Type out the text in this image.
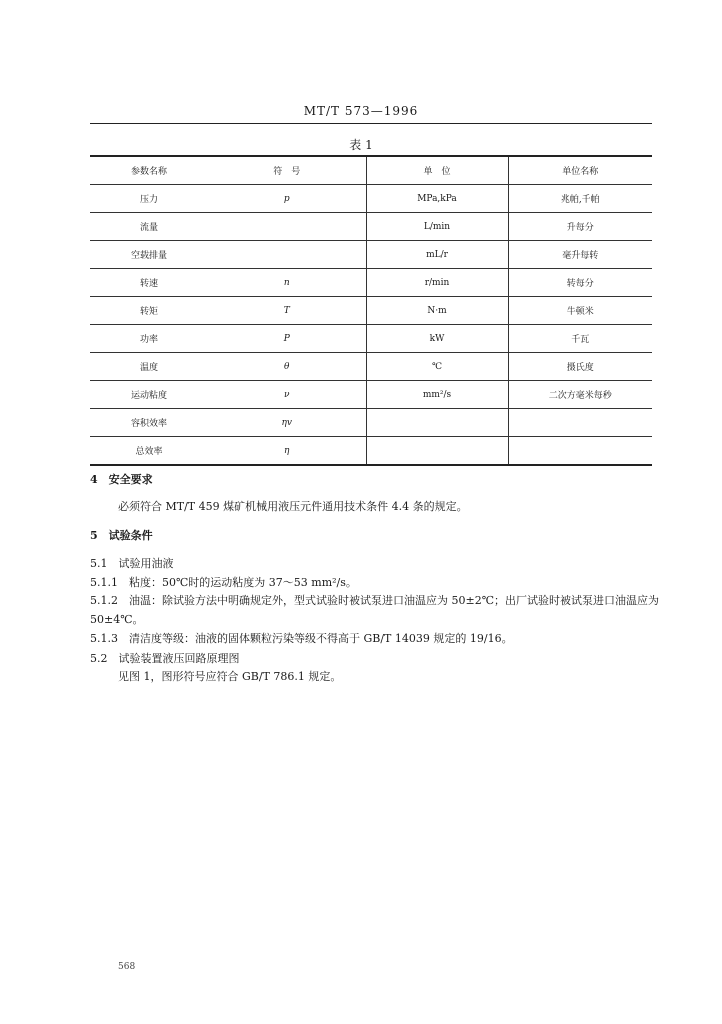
MT/T 573—1996
表 1
参数名称	符　号	单　位	单位名称
压力	p	MPa,kPa	兆帕,千帕
流量		L/min	升每分
空载排量		mL/r	毫升每转
转速	n	r/min	转每分
转矩	T	N·m	牛顿米
功率	P	kW	千瓦
温度	θ	℃	摄氏度
运动粘度	ν	mm²/s	二次方毫米每秒
容积效率	ηv		
总效率	η		
4　安全要求
必须符合 MT/T 459 煤矿机械用液压元件通用技术条件 4.4 条的规定。
5　试验条件
5.1　试验用油液
5.1.1　粘度：50℃时的运动粘度为 37～53 mm²/s。
5.1.2　油温：除试验方法中明确规定外，型式试验时被试泵进口油温应为 50±2℃；出厂试验时被试泵进口油温应为 50±4℃。
5.1.3　清洁度等级：油液的固体颗粒污染等级不得高于 GB/T 14039 规定的 19/16。
5.2　试验装置液压回路原理图
见图 1，图形符号应符合 GB/T 786.1 规定。
568
